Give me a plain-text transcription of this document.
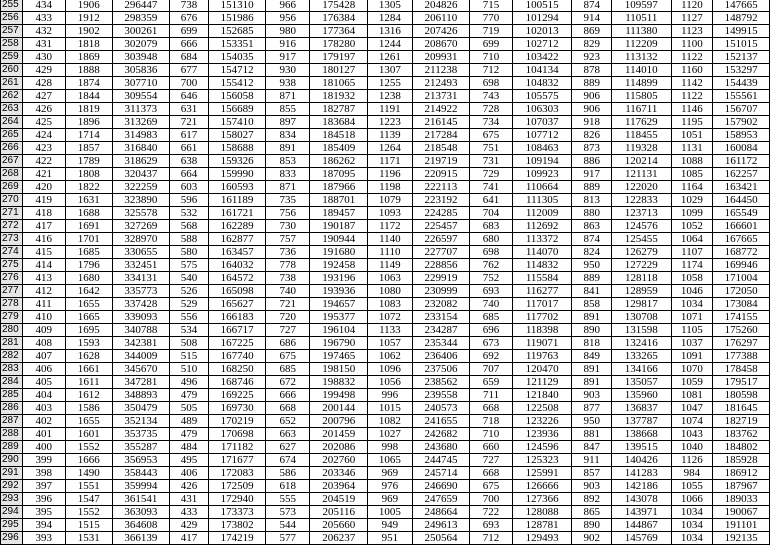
255	434	1906	296447	738	151310	966	175428	1305	204826	715	100515	874	109597	1120	147665
256	433	1912	298359	676	151986	956	176384	1284	206110	770	101294	914	110511	1127	148792
257	432	1902	300261	699	152685	980	177364	1316	207426	719	102013	869	111380	1123	149915
258	431	1818	302079	666	153351	916	178280	1244	208670	699	102712	829	112209	1100	151015
259	430	1869	303948	684	154035	917	179197	1261	209931	710	103422	923	113132	1122	152137
260	429	1888	305836	677	154712	930	180127	1307	211238	712	104134	878	114010	1160	153297
261	428	1874	307710	700	155412	938	181065	1255	212493	698	104832	889	114899	1142	154439
262	427	1844	309554	646	156058	871	181932	1238	213731	743	105575	906	115805	1122	155561
263	426	1819	311373	631	156689	855	182787	1191	214922	728	106303	906	116711	1146	156707
264	425	1896	313269	721	157410	897	183684	1223	216145	734	107037	918	117629	1195	157902
265	424	1714	314983	617	158027	834	184518	1139	217284	675	107712	826	118455	1051	158953
266	423	1857	316840	661	158688	891	185409	1264	218548	751	108463	873	119328	1131	160084
267	422	1789	318629	638	159326	853	186262	1171	219719	731	109194	886	120214	1088	161172
268	421	1808	320437	664	159990	833	187095	1196	220915	729	109923	917	121131	1085	162257
269	420	1822	322259	603	160593	871	187966	1198	222113	741	110664	889	122020	1164	163421
270	419	1631	323890	596	161189	735	188701	1079	223192	641	111305	813	122833	1029	164450
271	418	1688	325578	532	161721	756	189457	1093	224285	704	112009	880	123713	1099	165549
272	417	1691	327269	568	162289	730	190187	1172	225457	683	112692	863	124576	1052	166601
273	416	1701	328970	588	162877	757	190944	1140	226597	680	113372	874	125455	1064	167665
274	415	1685	330655	580	163457	736	191680	1110	227707	698	114070	824	126279	1107	168772
275	414	1796	332451	575	164032	778	192458	1149	228856	762	114832	950	127229	1174	169946
276	413	1680	334131	540	164572	738	193196	1063	229919	752	115584	889	128118	1058	171004
277	412	1642	335773	526	165098	740	193936	1080	230999	693	116277	841	128959	1046	172050
278	411	1655	337428	529	165627	721	194657	1083	232082	740	117017	858	129817	1034	173084
279	410	1665	339093	556	166183	720	195377	1072	233154	685	117702	891	130708	1071	174155
280	409	1695	340788	534	166717	727	196104	1133	234287	696	118398	890	131598	1105	175260
281	408	1593	342381	508	167225	686	196790	1057	235344	673	119071	818	132416	1037	176297
282	407	1628	344009	515	167740	675	197465	1062	236406	692	119763	849	133265	1091	177388
283	406	1661	345670	510	168250	685	198150	1096	237506	707	120470	891	134166	1070	178458
284	405	1611	347281	496	168746	672	198832	1056	238562	659	121129	891	135057	1059	179517
285	404	1612	348893	479	169225	666	199498	996	239558	711	121840	903	135960	1081	180598
286	403	1586	350479	505	169730	668	200144	1015	240573	668	122508	877	136837	1047	181645
287	402	1655	352134	489	170219	652	200796	1082	241655	718	123226	950	137787	1074	182719
288	401	1601	353735	479	170698	663	201459	1027	242682	710	123936	881	138668	1043	183762
289	400	1552	355287	484	171182	627	202086	998	243680	660	124596	847	139515	1040	184802
290	399	1666	356953	495	171677	674	202760	1065	244745	727	125323	911	140426	1126	185928
291	398	1490	358443	406	172083	586	203346	969	245714	668	125991	857	141283	984	186912
292	397	1551	359994	426	172509	618	203964	976	246690	675	126666	903	142186	1055	187967
293	396	1547	361541	431	172940	555	204519	969	247659	700	127366	892	143078	1066	189033
294	395	1552	363093	433	173373	573	205116	1005	248664	722	128088	865	143971	1034	190067
295	394	1515	364608	429	173802	544	205660	949	249613	693	128781	890	144867	1034	191101
296	393	1531	366139	417	174219	577	206237	951	250564	712	129493	902	145769	1034	192135
